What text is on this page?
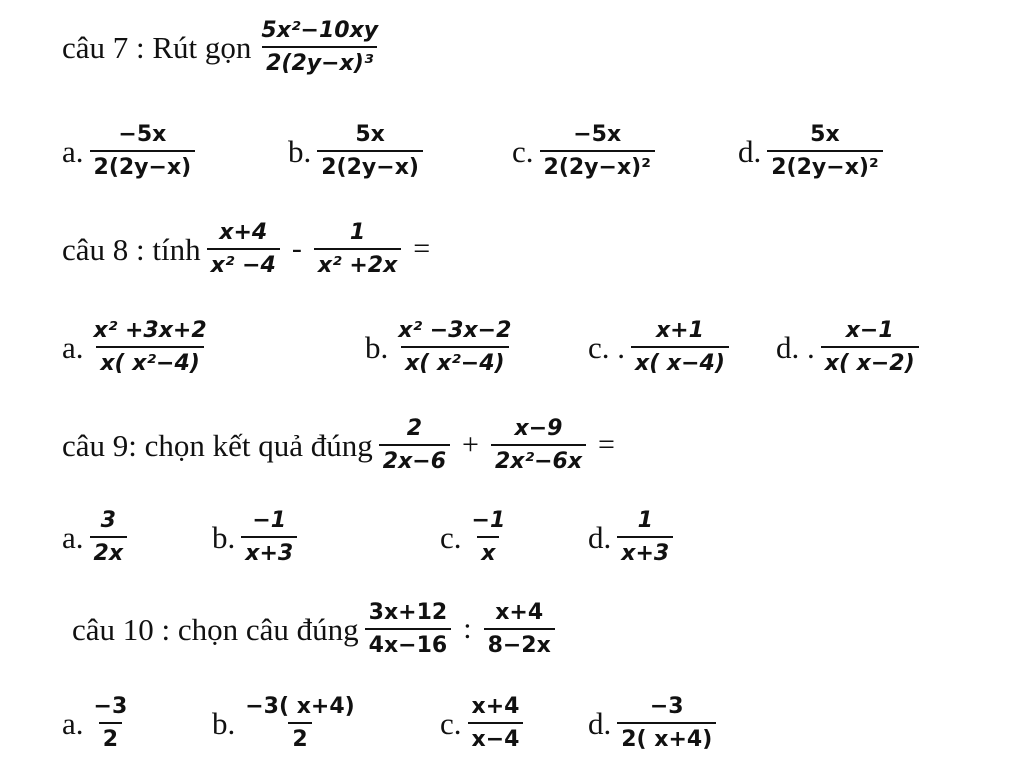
câu 7 : Rút gọn $\frac{\text{5x²−10xy}}{\text{2(2y−x)³}}$
a. $\frac{-5x}{2(2y-x)}$	b. $\frac{5x}{2(2y-x)}$	c. $\frac{-5x}{\text{2(2y−x)²}}$	d. $\frac{5x}{\text{2(2y−x)²}}$
câu 8 : tính $\frac{x+4}{\text{x² −4}} - \frac{1}{\text{x² +2x}}$ =
a. $\frac{\text{x² +3x+2}}{\text{x( x²−4)}}$	b. $\frac{\text{x² −3x−2}}{\text{x( x²−4)}} c$. . $\frac{x+1}{x( x-4)} d$. . $\frac{x-1}{x( x-2)}$
câu 9: chọn kết quả đúng $\frac{2}{2x-6} + \frac{x-9}{\text{2x²−6x}}$ =
a. $\frac{3}{2x}$	b. $\frac{-1}{x+3}$	c. $\frac{-1}{x}$	d. $\frac{1}{x+3}$
câu 10 : chọn câu đúng $\frac{3x+12}{4x-16}$ : $\frac{x+4}{8-2x}$
a. $\frac{-3}{2}$	b. $\frac{-3( x+4)}{2}$	c. $\frac{x+4}{x-4} d$. $\frac{-3}{2( x+4)}$
